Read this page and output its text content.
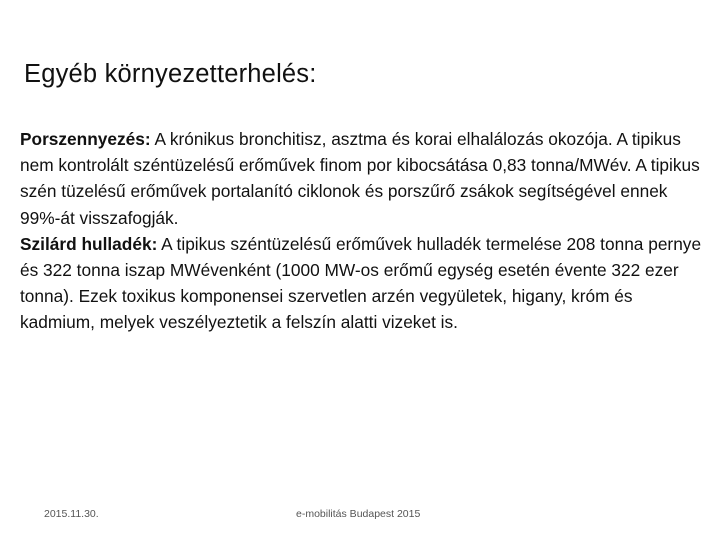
Egyéb környezetterhelés:

Porszennyezés: A krónikus bronchitisz, asztma és korai elhalálozás okozója. A tipikus nem kontrolált széntüzelésű erőművek finom por kibocsátása 0,83 tonna/MWév. A tipikus szén tüzelésű erőművek portalanító ciklonok és porszűrő zsákok segítségével ennek 99%-át visszafogják.

Szilárd hulladék: A tipikus széntüzelésű erőművek hulladék termelése 208 tonna pernye és 322 tonna iszap MWévenként (1000 MW-os erőmű egység esetén évente 322 ezer tonna). Ezek toxikus komponensei szervetlen arzén vegyületek, higany, króm és kadmium, melyek veszélyeztetik a felszín alatti vizeket is.

2015.11.30.	e-mobilitás Budapest 2015
